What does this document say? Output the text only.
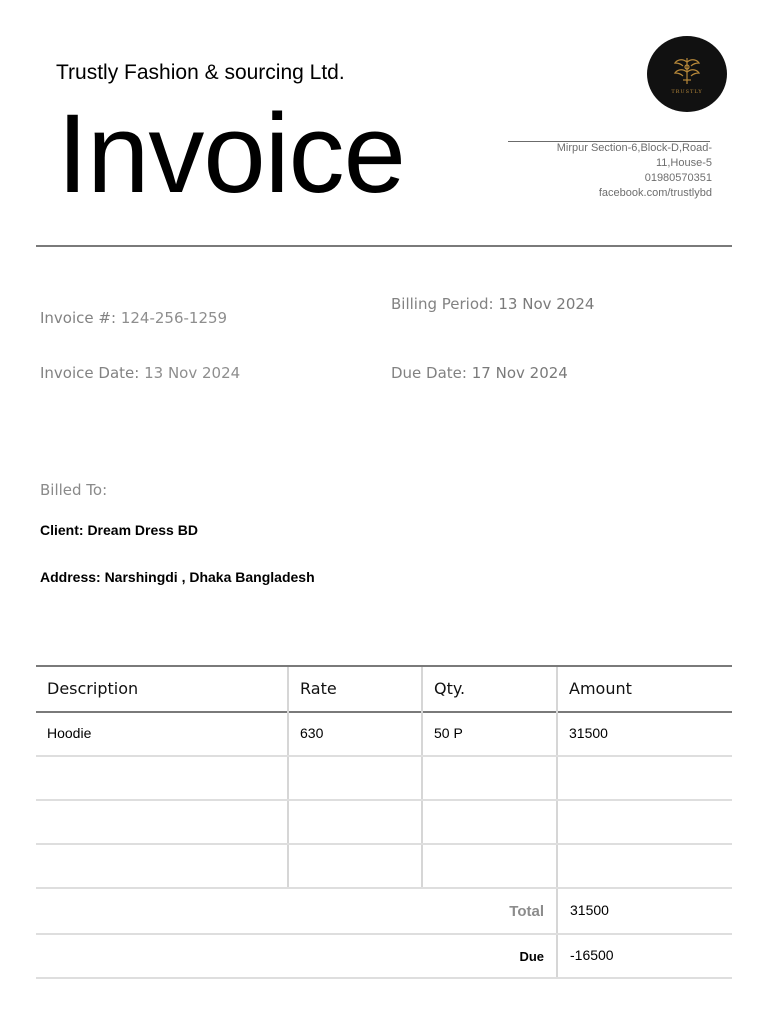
Trustly Fashion & sourcing Ltd.
TRUSTLY
Invoice	Mirpur Section-6,Block-D,Road-
11,House-5
01980570351
facebook.com/trustlybd
Invoice #: 124-256-1259
Billing Period: 13 Nov 2024
Invoice Date: 13 Nov 2024	Due Date: 17 Nov 2024
Billed To:
Client: Dream Dress BD
Address: Narshingdi , Dhaka Bangladesh
Description	Rate	Qty.	Amount
Hoodie	630	50 P	31500
Total	31500
Due	-16500
